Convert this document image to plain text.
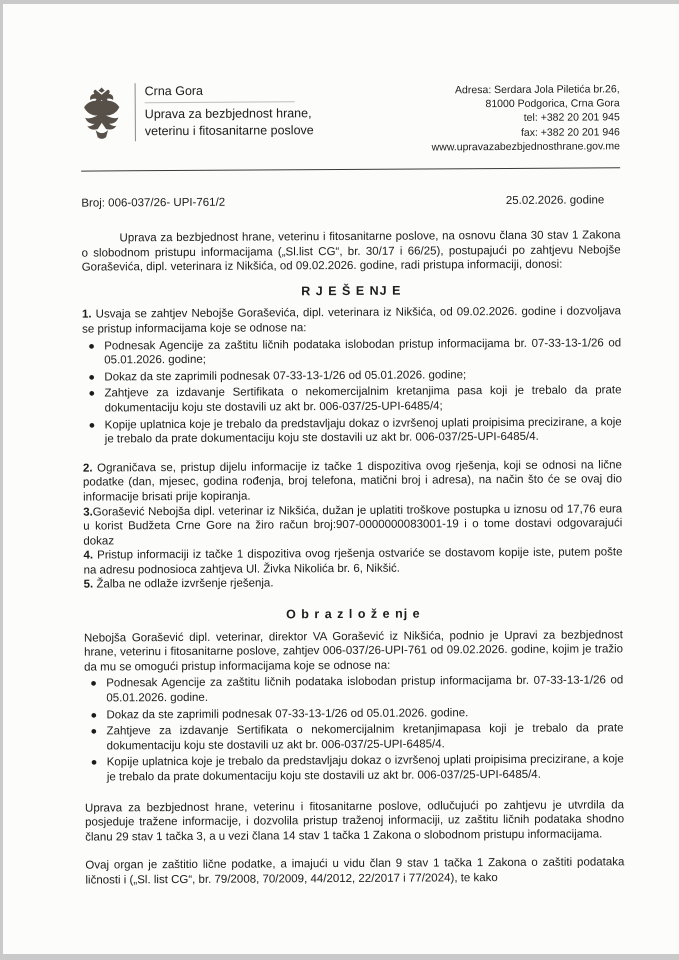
Crna Gora
Uprava za bezbjednost hrane,
veterinu i fitosanitarne poslove
Adresa: Serdara Jola Piletića br.26,
81000 Podgorica, Crna Gora
tel: +382 20 201 945
fax: +382 20 201 946
www.upravazabezbjednosthrane.gov.me
Broj: 006-037/26- UPI-761/2	25.02.2026. godine

Uprava za bezbjednost hrane, veterinu i fitosanitarne poslove, na osnovu člana 30 stav 1 Zakona o slobodnom pristupu informacijama („Sl.list CG“, br. 30/17 i 66/25), postupajući po zahtjevu Nebojše Goraševića, dipl. veterinara iz Nikšića, od 09.02.2026. godine, radi pristupa informaciji, donosi:

R J E Š E NJ E

1. Usvaja se zahtjev Nebojše Goraševića, dipl. veterinara iz Nikšića, od 09.02.2026. godine i dozvoljava se pristup informacijama koje se odnose na:

● Podnesak Agencije za zaštitu ličnih podataka islobodan pristup informacijama br. 07-33-13-1/26 od 05.01.2026. godine;
● Dokaz da ste zaprimili podnesak 07-33-13-1/26 od 05.01.2026. godine;
● Zahtjeve za izdavanje Sertifikata o nekomercijalnim kretanjima pasa koji je trebalo da prate dokumentaciju koju ste dostavili uz akt br. 006-037/25-UPI-6485/4;
● Kopije uplatnica koje je trebalo da predstavljaju dokaz o izvršenoj uplati proipisima precizirane, a koje je trebalo da prate dokumentaciju koju ste dostavili uz akt br. 006-037/25-UPI-6485/4.

2. Ograničava se, pristup dijelu informacije iz tačke 1 dispozitiva ovog rješenja, koji se odnosi na lične podatke (dan, mjesec, godina rođenja, broj telefona, matični broj i adresa), na način što će se ovaj dio informacije brisati prije kopiranja.

3.Gorašević Nebojša dipl. veterinar iz Nikšića, dužan je uplatiti troškove postupka u iznosu od 17,76 eura u korist Budžeta Crne Gore na žiro račun broj:907-0000000083001-19 i o tome dostavi odgovarajući dokaz

4. Pristup informaciji iz tačke 1 dispozitiva ovog rješenja ostvariće se dostavom kopije iste, putem pošte na adresu podnosioca zahtjeva Ul. Živka Nikolića br. 6, Nikšić.

5. Žalba ne odlaže izvršenje rješenja.

O b r a z l o ž e nj e

Nebojša Gorašević dipl. veterinar, direktor VA Gorašević iz Nikšića, podnio je Upravi za bezbjednost hrane, veterinu i fitosanitarne poslove, zahtjev 006-037/26-UPI-761 od 09.02.2026. godine, kojim je tražio da mu se omogući pristup informacijama koje se odnose na:

● Podnesak Agencije za zaštitu ličnih podataka islobodan pristup informacijama br. 07-33-13-1/26 od 05.01.2026. godine.
● Dokaz da ste zaprimili podnesak 07-33-13-1/26 od 05.01.2026. godine.
● Zahtjeve za izdavanje Sertifikata o nekomercijalnim kretanjimapasa koji je trebalo da prate dokumentaciju koju ste dostavili uz akt br. 006-037/25-UPI-6485/4.
● Kopije uplatnica koje je trebalo da predstavljaju dokaz o izvršenoj uplati proipisima precizirane, a koje je trebalo da prate dokumentaciju koju ste dostavili uz akt br. 006-037/25-UPI-6485/4.

Uprava za bezbjednost hrane, veterinu i fitosanitarne poslove, odlučujući po zahtjevu je utvrdila da posjeduje tražene informacije, i dozvolila pristup traženoj informaciji, uz zaštitu ličnih podataka shodno članu 29 stav 1 tačka 3, a u vezi člana 14 stav 1 tačka 1 Zakona o slobodnom pristupu informacijama.

Ovaj organ je zaštitio lične podatke, a imajući u vidu član 9 stav 1 tačka 1 Zakona o zaštiti podataka ličnosti i („Sl. list CG“, br. 79/2008, 70/2009, 44/2012, 22/2017 i 77/2024), te kako
